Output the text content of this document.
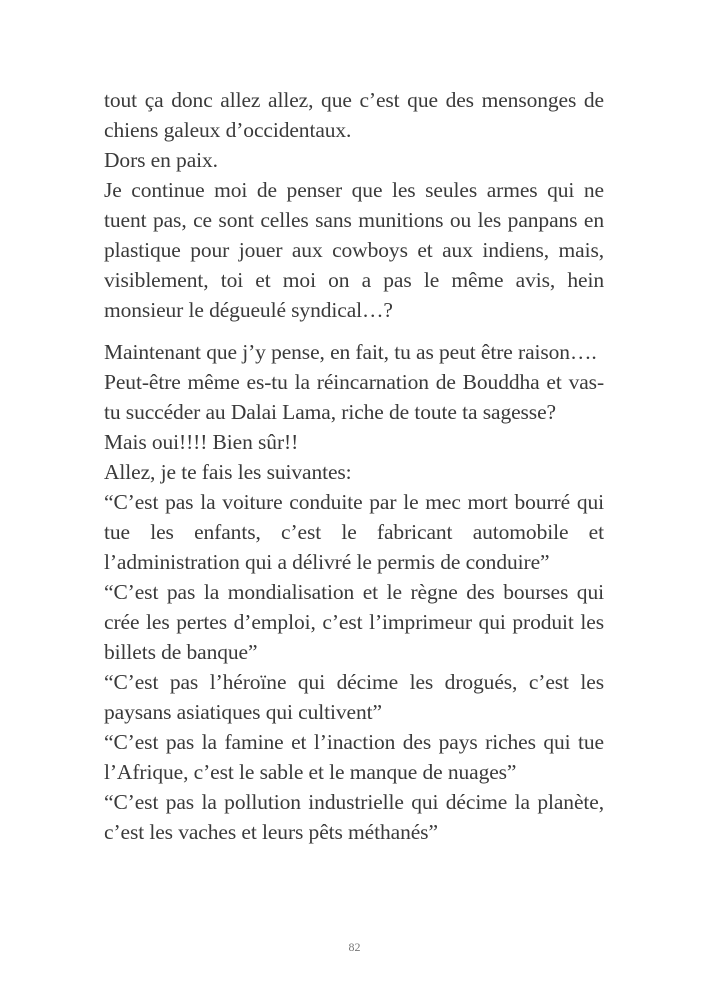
tout ça donc allez allez, que c’est que des mensonges de chiens galeux d’occidentaux.

Dors en paix.

Je continue moi de penser que les seules armes qui ne tuent pas, ce sont celles sans munitions ou les panpans en plastique pour jouer aux cowboys et aux indiens, mais, visiblement, toi et moi on a pas le même avis, hein monsieur le dégueulé syndical…?

Maintenant que j’y pense, en fait, tu as peut être raison….

Peut-être même es-tu la réincarnation de Bouddha et vas-tu succéder au Dalai Lama, riche de toute ta sagesse?

Mais oui!!!! Bien sûr!!

Allez, je te fais les suivantes:

“C’est pas la voiture conduite par le mec mort bourré qui tue les enfants, c’est le fabricant automobile et l’administration qui a délivré le permis de conduire”

“C’est pas la mondialisation et le règne des bourses qui crée les pertes d’emploi, c’est l’imprimeur qui produit les billets de banque”

“C’est pas l’héroïne qui décime les drogués, c’est les paysans asiatiques qui cultivent”

“C’est pas la famine et l’inaction des pays riches qui tue l’Afrique, c’est le sable et le manque de nuages”

“C’est pas la pollution industrielle qui décime la planète, c’est les vaches et leurs pêts méthanés”

82
